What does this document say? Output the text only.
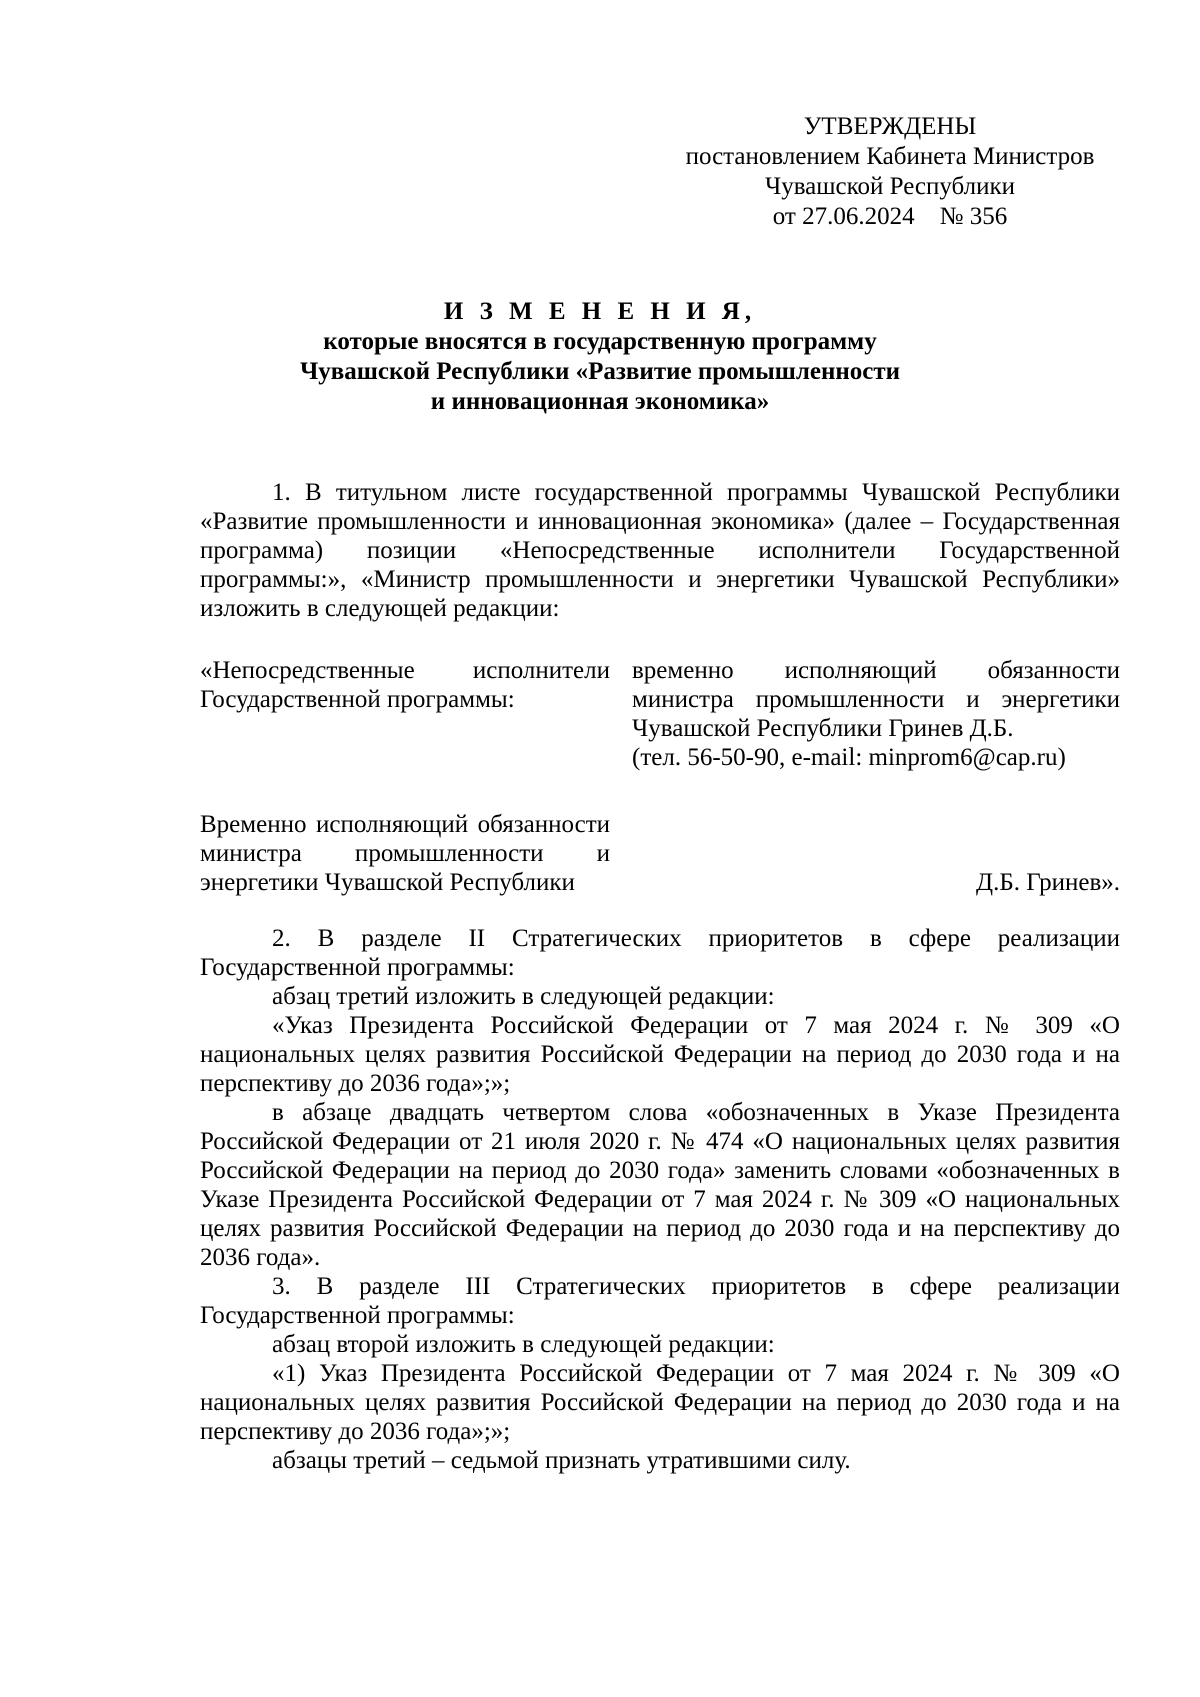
УТВЕРЖДЕНЫ
постановлением Кабинета Министров
Чувашской Республики
от 27.06.2024    № 356
И З М Е Н Е Н И Я,
которые вносятся в государственную программу
Чувашской Республики «Развитие промышленности
и инновационная экономика»

1. В титульном листе государственной программы Чувашской Республики «Развитие промышленности и инновационная экономика» (далее – Государственная программа) позиции «Непосредственные исполнители Государственной программы:», «Министр промышленности и энергетики Чувашской Республики» изложить в следующей редакции:

«Непосредственные исполнители Государственной программы:
временно исполняющий обязанности министра промышленности и энергетики Чувашской Республики Гринев Д.Б.
(тел. 56-50-90, e-mail: minprom6@cap.ru)
Временно исполняющий обязанности министра промышленности и энергетики Чувашской Республики	Д.Б. Гринев».

2. В разделе II Стратегических приоритетов в сфере реализации Государственной программы:

абзац третий изложить в следующей редакции:

«Указ Президента Российской Федерации от 7 мая 2024 г. № 309 «О национальных целях развития Российской Федерации на период до 2030 года и на перспективу до 2036 года»;»;

в абзаце двадцать четвертом слова «обозначенных в Указе Президента Российской Федерации от 21 июля 2020 г. № 474 «О национальных целях развития Российской Федерации на период до 2030 года» заменить словами «обозначенных в Указе Президента Российской Федерации от 7 мая 2024 г. № 309 «О национальных целях развития Российской Федерации на период до 2030 года и на перспективу до 2036 года».

3. В разделе III Стратегических приоритетов в сфере реализации Государственной программы:

абзац второй изложить в следующей редакции:

«1) Указ Президента Российской Федерации от 7 мая 2024 г. № 309 «О национальных целях развития Российской Федерации на период до 2030 года и на перспективу до 2036 года»;»;

абзацы третий – седьмой признать утратившими силу.
